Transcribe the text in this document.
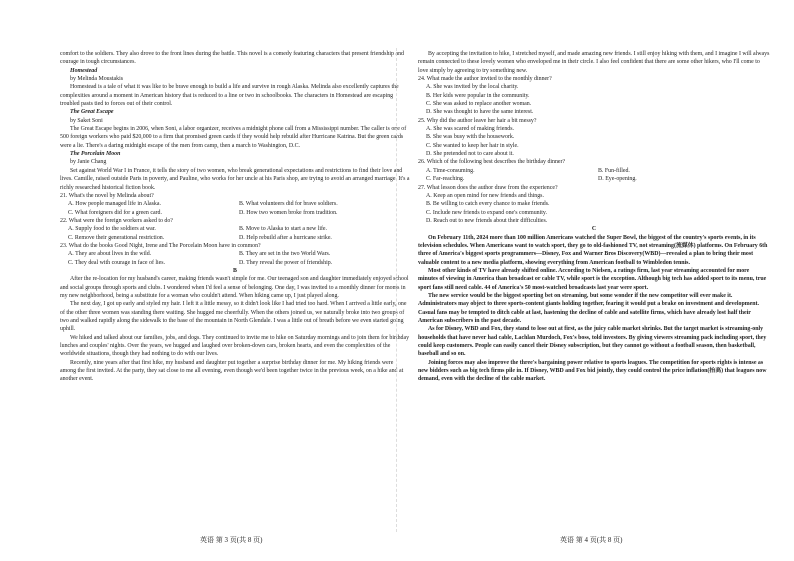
comfort to the soldiers. They also drove to the front lines during the battle. This novel is a comedy featuring characters that present friendship and courage in tough circumstances.

Homestead

by Melinda Moustakis

Homestead is a tale of what it was like to be brave enough to build a life and survive in rough Alaska. Melinda also excellently captures the complexities around a moment in American history that is reduced to a line or two in schoolbooks. The characters in Homestead are escaping troubled pasts tied to forces out of their control.

The Great Escape

by Saket Soni

The Great Escape begins in 2006, when Soni, a labor organizer, receives a midnight phone call from a Mississippi number. The caller is one of 500 foreign workers who paid $20,000 to a firm that promised green cards if they would help rebuild after Hurricane Katrina. But the green cards were a lie. There's a daring midnight escape of the men from camp, then a march to Washington, D.C.

The Porcelain Moon

by Janie Chang

Set against World War I in France, it tells the story of two women, who break generational expectations and restrictions to find their love and lives. Camille, raised outside Paris in poverty, and Pauline, who works for her uncle at his Paris shop, are trying to avoid an arranged marriage. It's a richly researched historical fiction book.

21. What's the novel by Melinda about?

A. How people managed life in Alaska.	B. What volunteers did for brave soldiers.
C. What foreigners did for a green card.	D. How two women broke from tradition.

22. What were the foreign workers asked to do?

A. Supply food to the soldiers at war.	B. Move to Alaska to start a new life.
C. Remove their generational restriction.	D. Help rebuild after a hurricane strike.

23. What do the books Good Night, Irene and The Porcelain Moon have in common?

A. They are about lives in the wild.	B. They are set in the two World Wars.
C. They deal with courage in face of lies.	D. They reveal the power of friendship.

B

After the re-location for my husband's career, making friends wasn't simple for me. Our teenaged son and daughter immediately enjoyed school and social groups through sports and clubs. I wondered when I'd feel a sense of belonging. One day, I was invited to a monthly dinner for moms in my new neighborhood, being a substitute for a woman who couldn't attend. When hiking came up, I just played along.

The next day, I got up early and styled my hair. I left it a little messy, so it didn't look like I had tried too hard. When I arrived a little early, one of the other three women was standing there waiting. She hugged me cheerfully. When the others joined us, we naturally broke into two groups of two and walked rapidly along the sidewalk to the base of the mountain in North Glendale. I was a little out of breath before we even started going uphill.

We hiked and talked about our families, jobs, and dogs. They continued to invite me to hike on Saturday mornings and to join them for birthday lunches and couples' nights. Over the years, we hugged and laughed over broken-down cars, broken hearts, and even the complexities of the worldwide situations, though they had nothing to do with our lives.

Recently, nine years after that first hike, my husband and daughter put together a surprise birthday dinner for me. My hiking friends were among the first invited. At the party, they sat close to me all evening, even though we'd been together twice in the previous week, on a hike and at another event.

By accepting the invitation to hike, I stretched myself, and made amazing new friends. I still enjoy hiking with them, and I imagine I will always remain connected to these lovely women who enveloped me in their circle. I also feel confident that there are some other hikers, who I'll come to love simply by agreeing to try something new.

24. What made the author invited to the monthly dinner?

A. She was invited by the local charity.

B. Her kids were popular in the community.

C. She was asked to replace another woman.

D. She was thought to have the same interest.

25. Why did the author leave her hair a bit messy?

A. She was scared of making friends.

B. She was busy with the housework.

C. She wanted to keep her hair in style.

D. She pretended not to care about it.

26. Which of the following best describes the birthday dinner?

A. Time-consuming.	B. Fun-filled.
C. Far-reaching.	D. Eye-opening.

27. What lesson does the author draw from the experience?

A. Keep an open mind for new friends and things.

B. Be willing to catch every chance to make friends.

C. Include new friends to expand one's community.

D. Reach out to new friends about their difficulties.

C

On February 11th, 2024 more than 100 million Americans watched the Super Bowl, the biggest of the country's sports events, in its television schedules. When Americans want to watch sport, they go to old-fashioned TV, not streaming(流媒体) platforms. On February 6th three of America's biggest sports programmers—Disney, Fox and Warner Bros Discovery(WBD)—revealed a plan to bring their most valuable content to a new media platform, showing everything from American football to Wimbledon tennis.

Most other kinds of TV have already shifted online. According to Nielsen, a ratings firm, last year streaming accounted for more minutes of viewing in America than broadcast or cable TV, while sport is the exception. Although big tech has added sport to its menu, true sport fans still need cable. 44 of America's 50 most-watched broadcasts last year were sport.

The new service would be the biggest sporting bet on streaming, but some wonder if the new competitor will ever make it. Administrators may object to three sports-content giants holding together, fearing it would put a brake on investment and development. Casual fans may be tempted to ditch cable at last, hastening the decline of cable and satellite firms, which have already lost half their American subscribers in the past decade.

As for Disney, WBD and Fox, they stand to lose out at first, as the juicy cable market shrinks. But the target market is streaming-only households that have never had cable, Lachlan Murdoch, Fox's boss, told investors. By giving viewers streaming pack including sport, they could keep customers. People can easily cancel their Disney subscription, but they cannot go without a football season, then basketball, baseball and so on.

Joining forces may also improve the three's bargaining power relative to sports leagues. The competition for sports rights is intense as new bidders such as big tech firms pile in. If Disney, WBD and Fox bid jointly, they could control the price inflation(抬高) that leagues now demand, even with the decline of the cable market.

英语 第 3 页(共 8 页)	英语 第 4 页(共 8 页)
